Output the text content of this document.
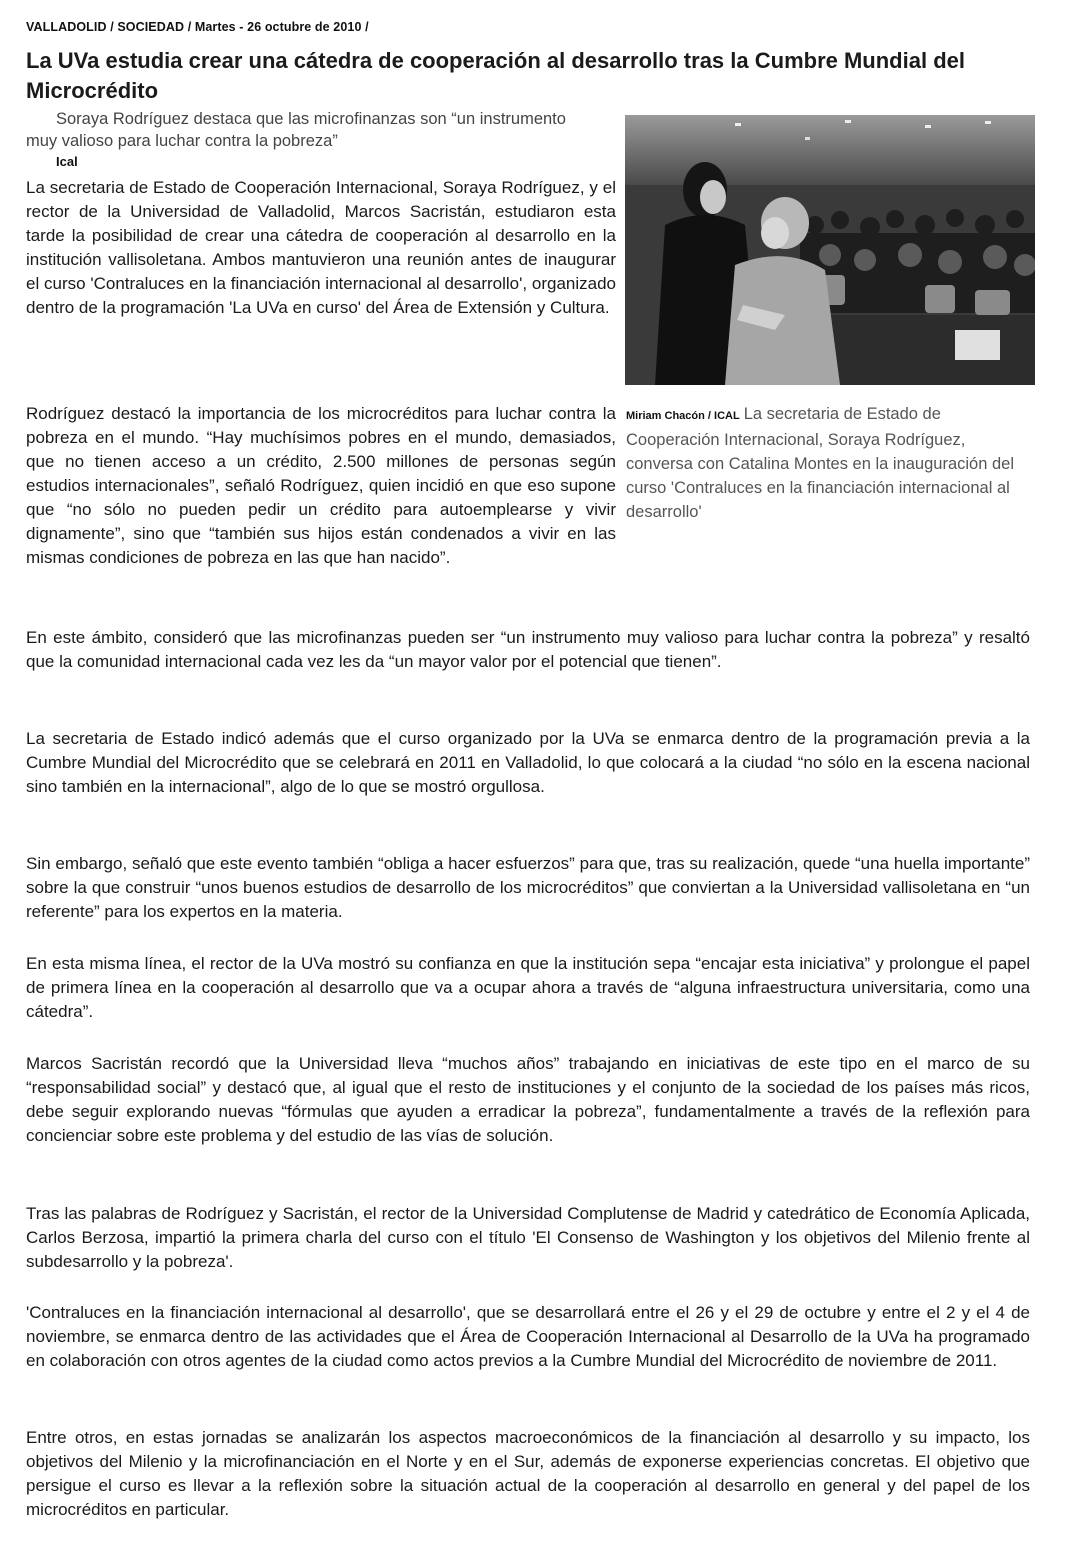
VALLADOLID / SOCIEDAD / Martes - 26 octubre de 2010 /
La UVa estudia crear una cátedra de cooperación al desarrollo tras la Cumbre Mundial del Microcrédito
Soraya Rodríguez destaca que las microfinanzas son “un instrumento muy valioso para luchar contra la pobreza”
Ical
La secretaria de Estado de Cooperación Internacional, Soraya Rodríguez, y el rector de la Universidad de Valladolid, Marcos Sacristán, estudiaron esta tarde la posibilidad de crear una cátedra de cooperación al desarrollo en la institución vallisoletana. Ambos mantuvieron una reunión antes de inaugurar el curso 'Contraluces en la financiación internacional al desarrollo', organizado dentro de la programación 'La UVa en curso' del Área de Extensión y Cultura.
Rodríguez destacó la importancia de los microcréditos para luchar contra la pobreza en el mundo. “Hay muchísimos pobres en el mundo, demasiados, que no tienen acceso a un crédito, 2.500 millones de personas según estudios internacionales”, señaló Rodríguez, quien incidió en que eso supone que “no sólo no pueden pedir un crédito para autoemplearse y vivir dignamente”, sino que “también sus hijos están condenados a vivir en las mismas condiciones de pobreza en las que han nacido”.
Miriam Chacón / ICAL La secretaria de Estado de Cooperación Internacional, Soraya Rodríguez, conversa con Catalina Montes en la inauguración del curso 'Contraluces en la financiación internacional al desarrollo'
En este ámbito, consideró que las microfinanzas pueden ser “un instrumento muy valioso para luchar contra la pobreza” y resaltó que la comunidad internacional cada vez les da “un mayor valor por el potencial que tienen”.
La secretaria de Estado indicó además que el curso organizado por la UVa se enmarca dentro de la programación previa a la Cumbre Mundial del Microcrédito que se celebrará en 2011 en Valladolid, lo que colocará a la ciudad “no sólo en la escena nacional sino también en la internacional”, algo de lo que se mostró orgullosa.
Sin embargo, señaló que este evento también “obliga a hacer esfuerzos” para que, tras su realización, quede “una huella importante” sobre la que construir “unos buenos estudios de desarrollo de los microcréditos” que conviertan a la Universidad vallisoletana en “un referente” para los expertos en la materia.
En esta misma línea, el rector de la UVa mostró su confianza en que la institución sepa “encajar esta iniciativa” y prolongue el papel de primera línea en la cooperación al desarrollo que va a ocupar ahora a través de “alguna infraestructura universitaria, como una cátedra”.
Marcos Sacristán recordó que la Universidad lleva “muchos años” trabajando en iniciativas de este tipo en el marco de su “responsabilidad social” y destacó que, al igual que el resto de instituciones y el conjunto de la sociedad de los países más ricos, debe seguir explorando nuevas “fórmulas que ayuden a erradicar la pobreza”, fundamentalmente a través de la reflexión para concienciar sobre este problema y del estudio de las vías de solución.
Tras las palabras de Rodríguez y Sacristán, el rector de la Universidad Complutense de Madrid y catedrático de Economía Aplicada, Carlos Berzosa, impartió la primera charla del curso con el título 'El Consenso de Washington y los objetivos del Milenio frente al subdesarrollo y la pobreza'.
'Contraluces en la financiación internacional al desarrollo', que se desarrollará entre el 26 y el 29 de octubre y entre el 2 y el 4 de noviembre, se enmarca dentro de las actividades que el Área de Cooperación Internacional al Desarrollo de la UVa ha programado en colaboración con otros agentes de la ciudad como actos previos a la Cumbre Mundial del Microcrédito de noviembre de 2011.
Entre otros, en estas jornadas se analizarán los aspectos macroeconómicos de la financiación al desarrollo y su impacto, los objetivos del Milenio y la microfinanciación en el Norte y en el Sur, además de exponerse experiencias concretas. El objetivo que persigue el curso es llevar a la reflexión sobre la situación actual de la cooperación al desarrollo en general y del papel de los microcréditos en particular.
